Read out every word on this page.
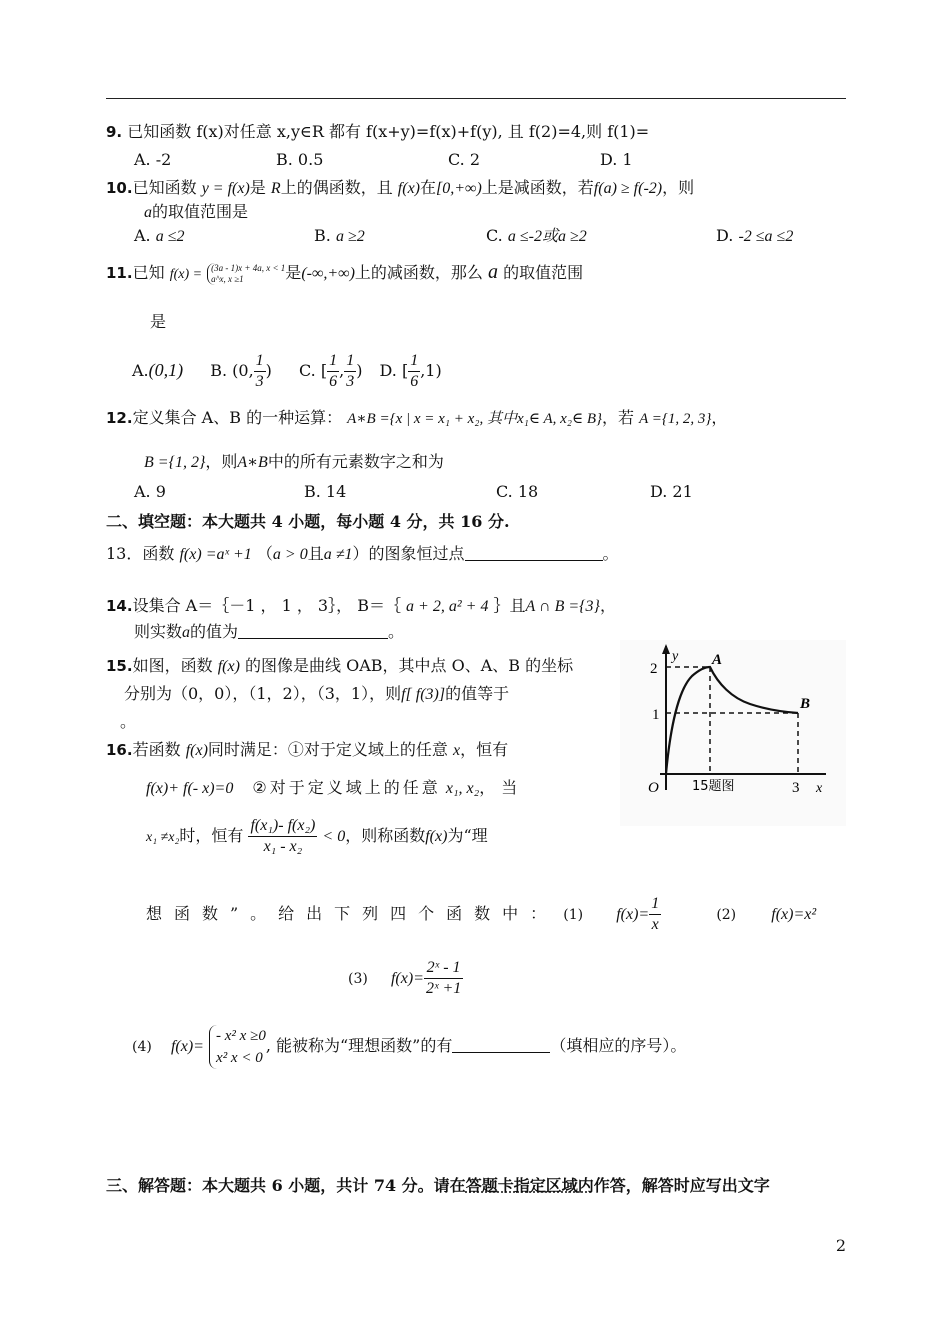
9. 已知函数 f(x)对任意 x,y∈R 都有 f(x+y)=f(x)+f(y), 且 f(2)=4,则 f(1)=
A. -2	B. 0.5	C. 2	D. 1
10.已知函数 y = f(x)是 R上的偶函数，且 f(x)在[0,+∞)上是减函数，若f(a) ≥ f(-2)，则
a的取值范围是
A. a ≤2	B. a ≥2	C. a ≤-2或a ≥2	D. -2 ≤a ≤2
11.已知 f(x) = (3a - 1)x + 4a, x < 1
a^x, x ≥1	是(-∞,+∞)上的减函数，那么 a 的取值范围
是
A.(0,1) B. (0, $\frac{1}{3}$ ) C. [ $\frac{1}{6}$ , $\frac{1}{3}$ ) D. [ $\frac{1}{6} ,1$)
12.定义集合 A、B 的一种运算： A∗B ={x | x = x₁ + x₂, 其中x₁∈ A, x₂∈ B}，若 A ={1, 2, 3}，
B ={1, 2}，则A∗B中的所有元素数字之和为
A. 9	B. 14	C. 18	D. 21
二、填空题：本大题共 4 小题，每小题 4 分，共 16 分.
13．函数 f(x) =aˣ +1 （a > 0且a ≠1）的图象恒过点	。
14.设集合 A＝｛－1 ， 1 ， 3｝， B＝｛ a + 2, a² + 4 ｝且A ∩ B ={3}，
则实数a的值为	。
15.如图，函数 f(x) 的图像是曲线 OAB，其中点 O、A、B 的坐标
分别为（0，0），（1，2），（3，1），则f[ f(3)]的值等于
。
y
x
O
2
1
3
A
B
15题图
16.若函数 f(x)同时满足：①对于定义域上的任意 x，恒有
f(x)+ f(- x)=0 ②对于定义域上的任意 x₁, x₂，当
x₁ ≠x₂时，恒有 $\frac{\text{f(x₁)- f(x₂)}}{\text{x₁ - x₂}} < 0$，则称函数f(x)为“理
想函数”。给出下列四个函数中： (1) $f(x)= \frac{1}{x}$	(2) f(x)=x²
(3) $f(x)= \frac{\text{2ˣ - 1}}{\text{2ˣ +1}}$
(4) f(x)= - x² x ≥0
x² x < 0, 能被称为“理想函数”的有	（填相应的序号）。
三、解答题：本大题共 6 小题，共计 74 分。请在答题卡指定区域内作答，解答时应写出文字
2
